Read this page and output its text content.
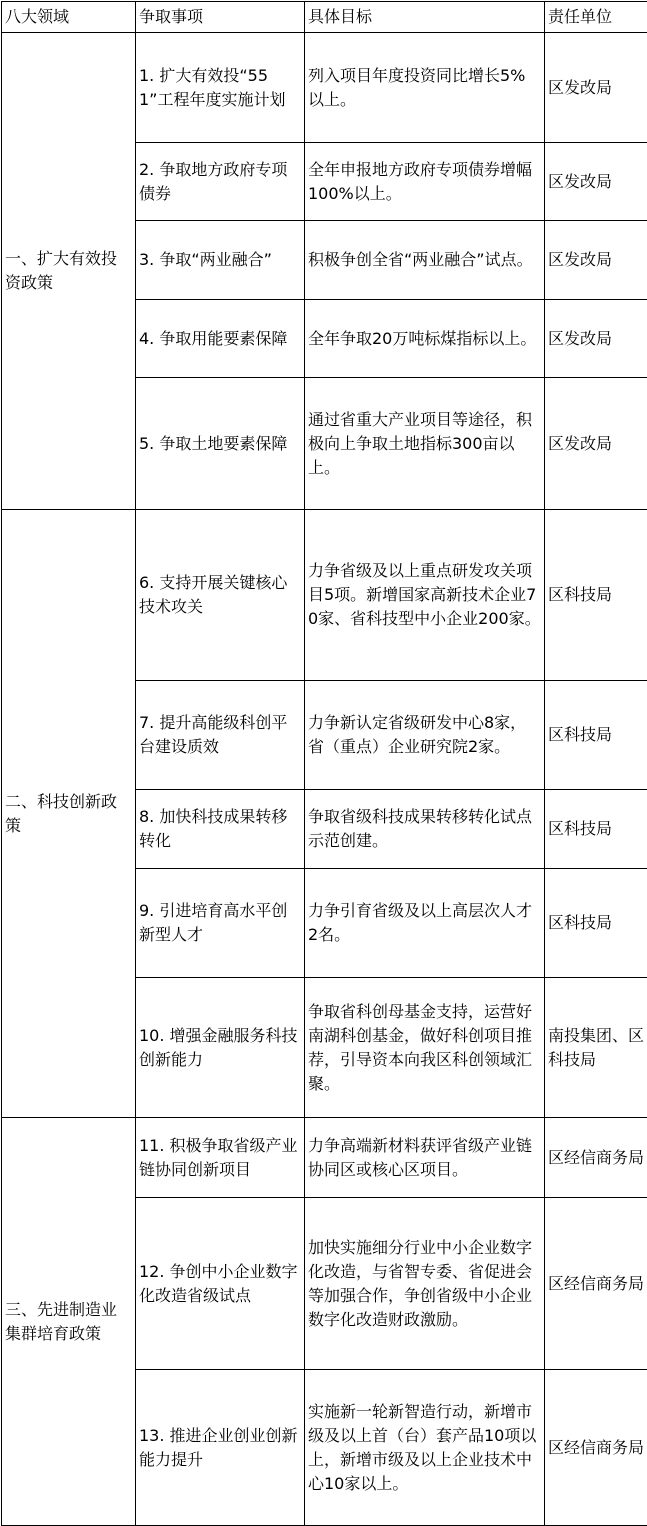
八大领域	争取事项	具体目标	责任单位
一、扩大有效投资政策	1. 扩大有效投“551”工程年度实施计划	列入项目年度投资同比增长5%以上。	区发改局
	2. 争取地方政府专项债券	全年申报地方政府专项债券增幅100%以上。	区发改局
	3. 争取“两业融合”	积极争创全省“两业融合”试点。	区发改局
	4. 争取用能要素保障	全年争取20万吨标煤指标以上。	区发改局
	5. 争取土地要素保障	通过省重大产业项目等途径，积极向上争取土地指标300亩以上。	区发改局
二、科技创新政策	6. 支持开展关键核心技术攻关	力争省级及以上重点研发攻关项目5项。新增国家高新技术企业70家、省科技型中小企业200家。	区科技局
	7. 提升高能级科创平台建设质效	力争新认定省级研发中心8家，省（重点）企业研究院2家。	区科技局
	8. 加快科技成果转移转化	争取省级科技成果转移转化试点示范创建。	区科技局
	9. 引进培育高水平创新型人才	力争引育省级及以上高层次人才2名。	区科技局
	10. 增强金融服务科技创新能力	争取省科创母基金支持，运营好南湖科创基金，做好科创项目推荐，引导资本向我区科创领域汇聚。	南投集团、区科技局
三、先进制造业集群培育政策	11. 积极争取省级产业链协同创新项目	力争高端新材料获评省级产业链协同区或核心区项目。	区经信商务局
	12. 争创中小企业数字化改造省级试点	加快实施细分行业中小企业数字化改造，与省智专委、省促进会等加强合作，争创省级中小企业数字化改造财政激励。	区经信商务局
	13. 推进企业创业创新能力提升	实施新一轮新智造行动，新增市级及以上首（台）套产品10项以上，新增市级及以上企业技术中心10家以上。	区经信商务局
